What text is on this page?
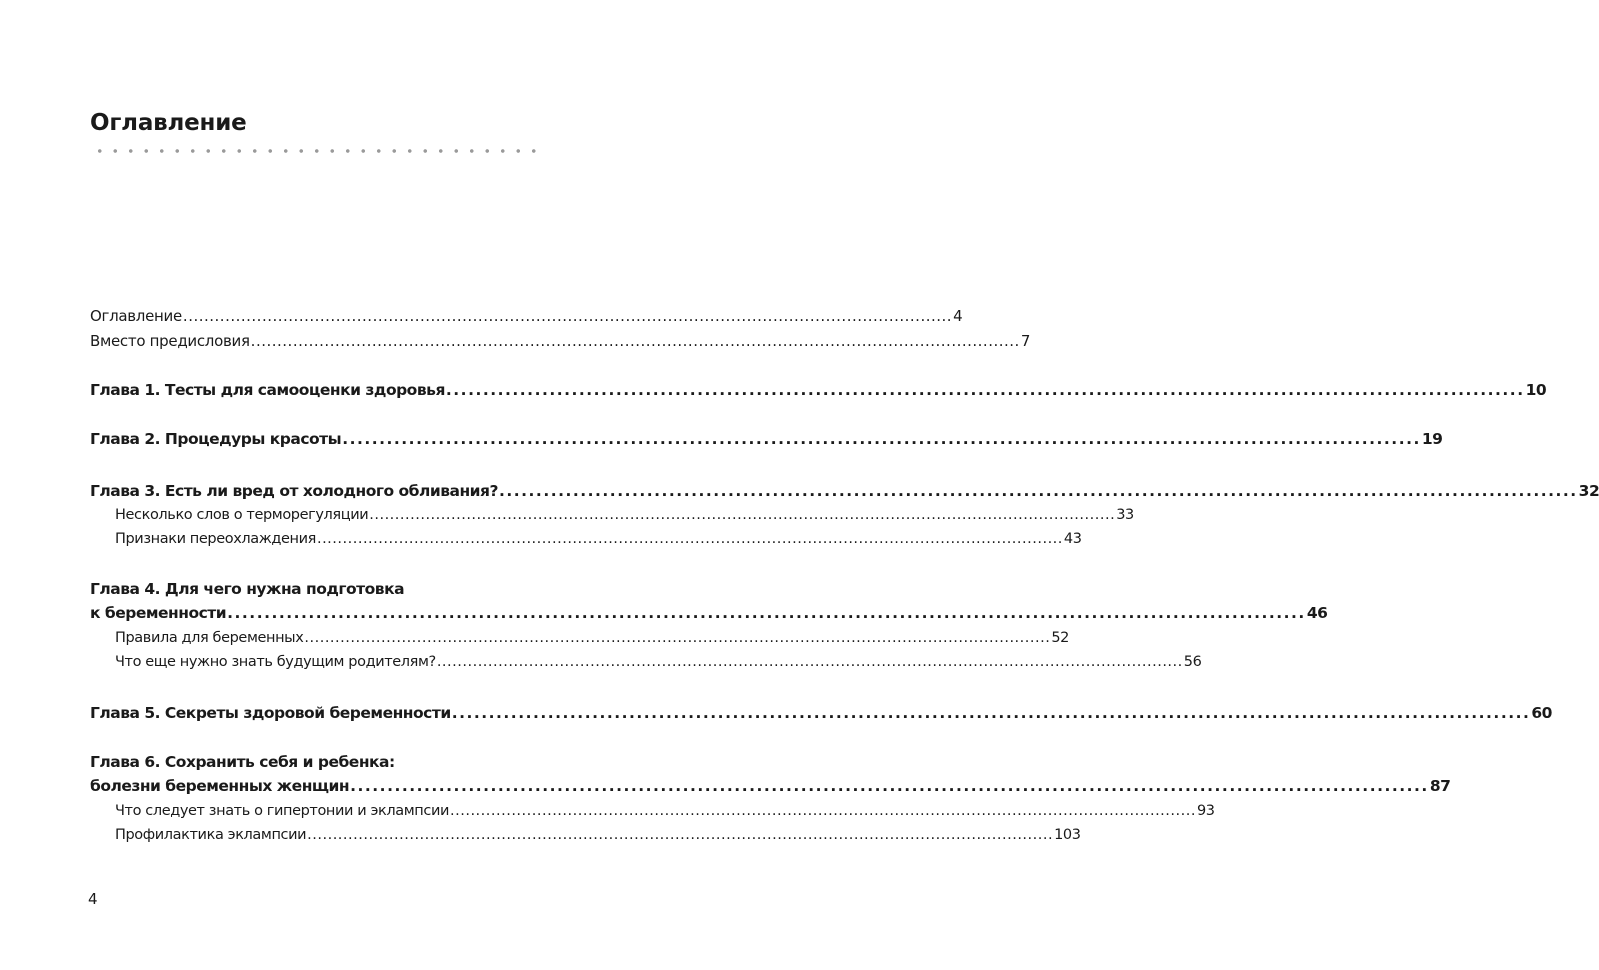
Оглавление
Оглавление .................................................................................................................................................. 4
Вместо предисловия .................................................................................................................................................. 7
Глава 1. Тесты для самооценки здоровья .................................................................................................................................................. 10
Глава 2. Процедуры красоты .................................................................................................................................................. 19
Глава 3. Есть ли вред от холодного обливания? .................................................................................................................................................. 32
Несколько слов о терморегуляции .................................................................................................................................................. 33
Признаки переохлаждения .................................................................................................................................................. 43
Глава 4. Для чего нужна подготовка
к беременности .................................................................................................................................................. 46
Правила для беременных .................................................................................................................................................. 52
Что еще нужно знать будущим родителям? .................................................................................................................................................. 56
Глава 5. Секреты здоровой беременности .................................................................................................................................................. 60
Глава 6. Сохранить себя и ребенка:
болезни беременных женщин .................................................................................................................................................. 87
Что следует знать о гипертонии и эклампсии .................................................................................................................................................. 93
Профилактика эклампсии .................................................................................................................................................. 103
4
